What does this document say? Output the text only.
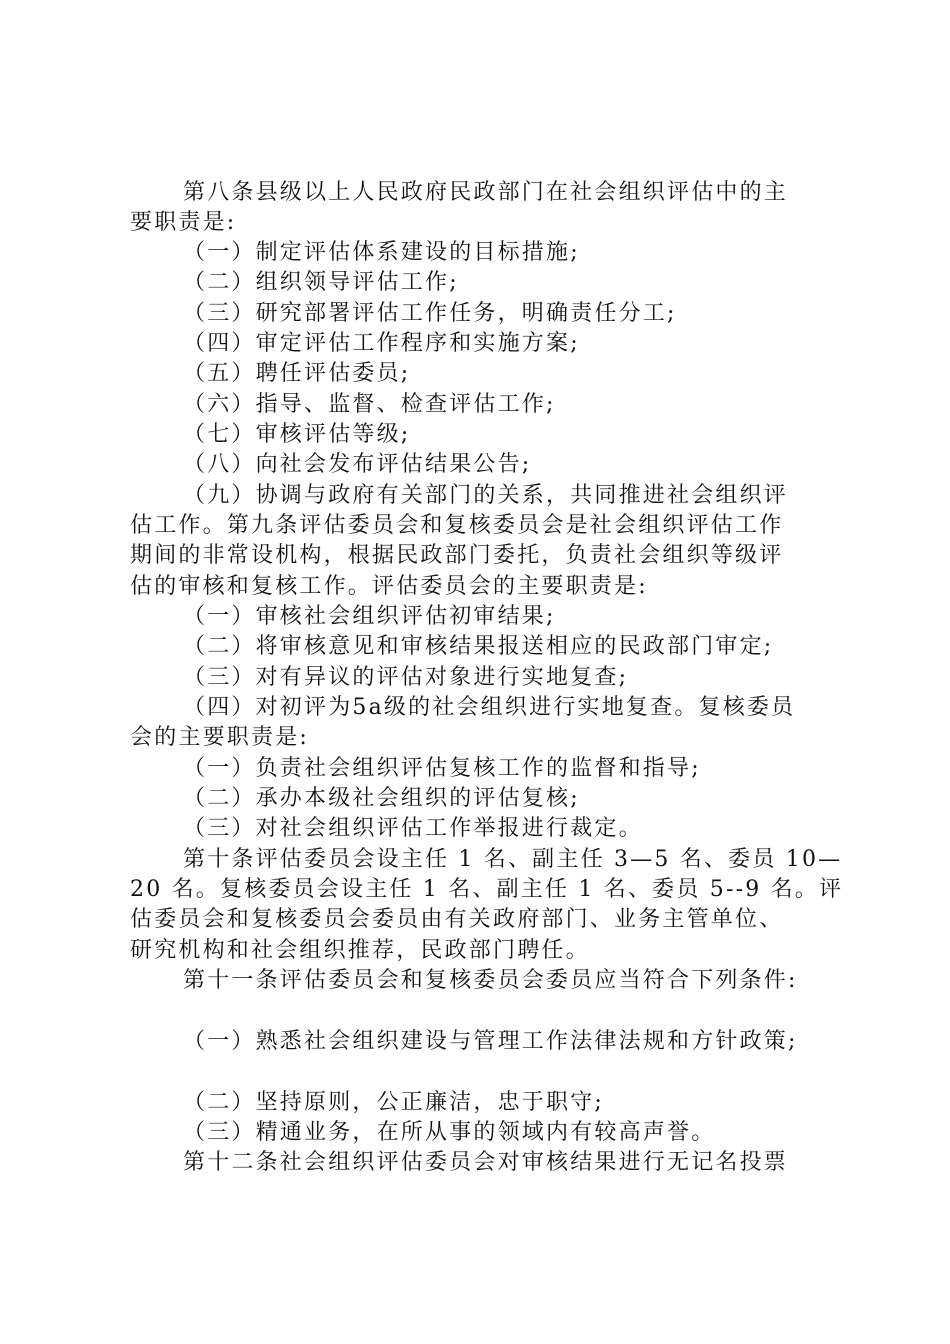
第八条县级以上人民政府民政部门在社会组织评估中的主
要职责是:
（一）制定评估体系建设的目标措施;
（二）组织领导评估工作;
（三）研究部署评估工作任务，明确责任分工;
（四）审定评估工作程序和实施方案;
（五）聘任评估委员;
（六）指导、监督、检查评估工作;
（七）审核评估等级;
（八）向社会发布评估结果公告;
（九）协调与政府有关部门的关系，共同推进社会组织评
估工作。第九条评估委员会和复核委员会是社会组织评估工作
期间的非常设机构，根据民政部门委托，负责社会组织等级评
估的审核和复核工作。评估委员会的主要职责是:
（一）审核社会组织评估初审结果;
（二）将审核意见和审核结果报送相应的民政部门审定;
（三）对有异议的评估对象进行实地复查;
（四）对初评为5a级的社会组织进行实地复查。复核委员
会的主要职责是:
（一）负责社会组织评估复核工作的监督和指导;
（二）承办本级社会组织的评估复核;
（三）对社会组织评估工作举报进行裁定。
第十条评估委员会设主任 1 名、副主任 3—5 名、委员 10—
20 名。复核委员会设主任 1 名、副主任 1 名、委员 5--9 名。评
估委员会和复核委员会委员由有关政府部门、业务主管单位、
研究机构和社会组织推荐，民政部门聘任。
第十一条评估委员会和复核委员会委员应当符合下列条件:
（一）熟悉社会组织建设与管理工作法律法规和方针政策;
（二）坚持原则，公正廉洁，忠于职守;
（三）精通业务，在所从事的领域内有较高声誉。
第十二条社会组织评估委员会对审核结果进行无记名投票
